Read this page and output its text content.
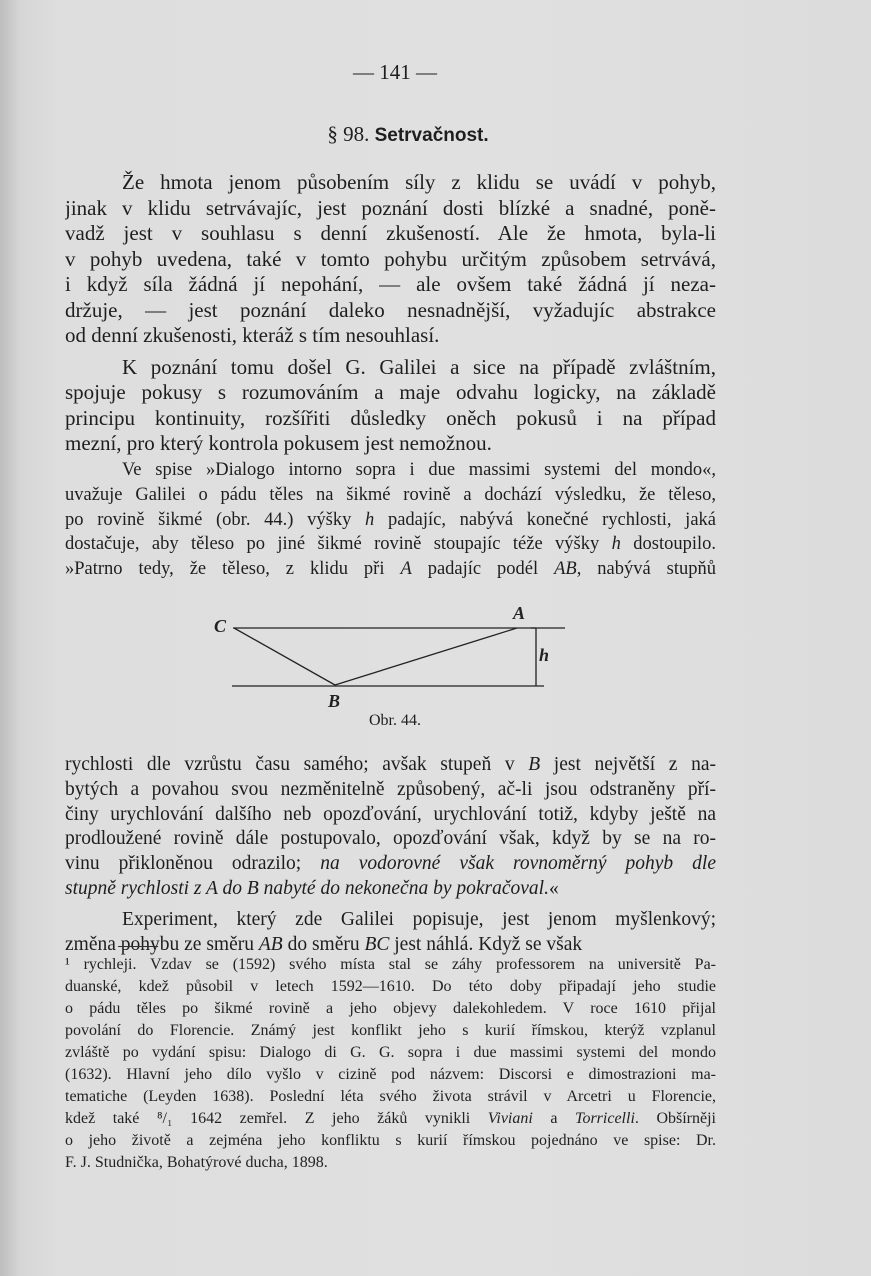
— 141 —
§ 98. Setrvačnost.
Že hmota jenom působením síly z klidu se uvádí v pohyb,
jinak v klidu setrvávajíc, jest poznání dosti blízké a snadné, poně-
vadž jest v souhlasu s denní zkušeností. Ale že hmota, byla-li
v pohyb uvedena, také v tomto pohybu určitým způsobem setrvává,
i když síla žádná jí nepohání, — ale ovšem také žádná jí neza-
držuje, — jest poznání daleko nesnadnější, vyžadujíc abstrakce
od denní zkušenosti, kteráž s tím nesouhlasí.
K poznání tomu došel G. Galilei a sice na případě zvláštním,
spojuje pokusy s rozumováním a maje odvahu logicky, na základě
principu kontinuity, rozšířiti důsledky oněch pokusů i na případ
mezní, pro který kontrola pokusem jest nemožnou.
Ve spise »Dialogo intorno sopra i due massimi systemi del mondo«,
uvažuje Galilei o pádu těles na šikmé rovině a dochází výsledku, že těleso,
po rovině šikmé (obr. 44.) výšky h padajíc, nabývá konečné rychlosti, jaká
dostačuje, aby těleso po jiné šikmé rovině stoupajíc téže výšky h dostoupilo.
»Patrno tedy, že těleso, z klidu při A padajíc podél AB, nabývá stupňů
C
A
B
h
Obr. 44.
rychlosti dle vzrůstu času samého; avšak stupeň v B jest největší z na-
bytých a povahou svou nezměnitelně způsobený, ač-li jsou odstraněny pří-
činy urychlování dalšího neb opozďování, urychlování totiž, kdyby ještě na
prodloužené rovině dále postupovalo, opozďování však, když by se na ro-
vinu přikloněnou odrazilo; na vodorovné však rovnoměrný pohyb dle
stupně rychlosti z A do B nabyté do nekonečna by pokračoval.«
Experiment, který zde Galilei popisuje, jest jenom myšlenkový;
změna pohybu ze směru AB do směru BC jest náhlá. Když se však
¹ rychleji. Vzdav se (1592) svého místa stal se záhy professorem na universitě Pa-
duanské, kdež působil v letech 1592—1610. Do této doby připadají jeho studie
o pádu těles po šikmé rovině a jeho objevy dalekohledem. V roce 1610 přijal
povolání do Florencie. Známý jest konflikt jeho s kurií římskou, kterýž vzplanul
zvláště po vydání spisu: Dialogo di G. G. sopra i due massimi systemi del mondo
(1632). Hlavní jeho dílo vyšlo v cizině pod názvem: Discorsi e dimostrazioni ma-
tematiche (Leyden 1638). Poslední léta svého života strávil v Arcetri u Florencie,
kdež také ⁸/₁ 1642 zemřel. Z jeho žáků vynikli Viviani a Torricelli. Obšírněji
o jeho životě a zejména jeho konfliktu s kurií římskou pojednáno ve spise: Dr.
F. J. Studnička, Bohatýrové ducha, 1898.
